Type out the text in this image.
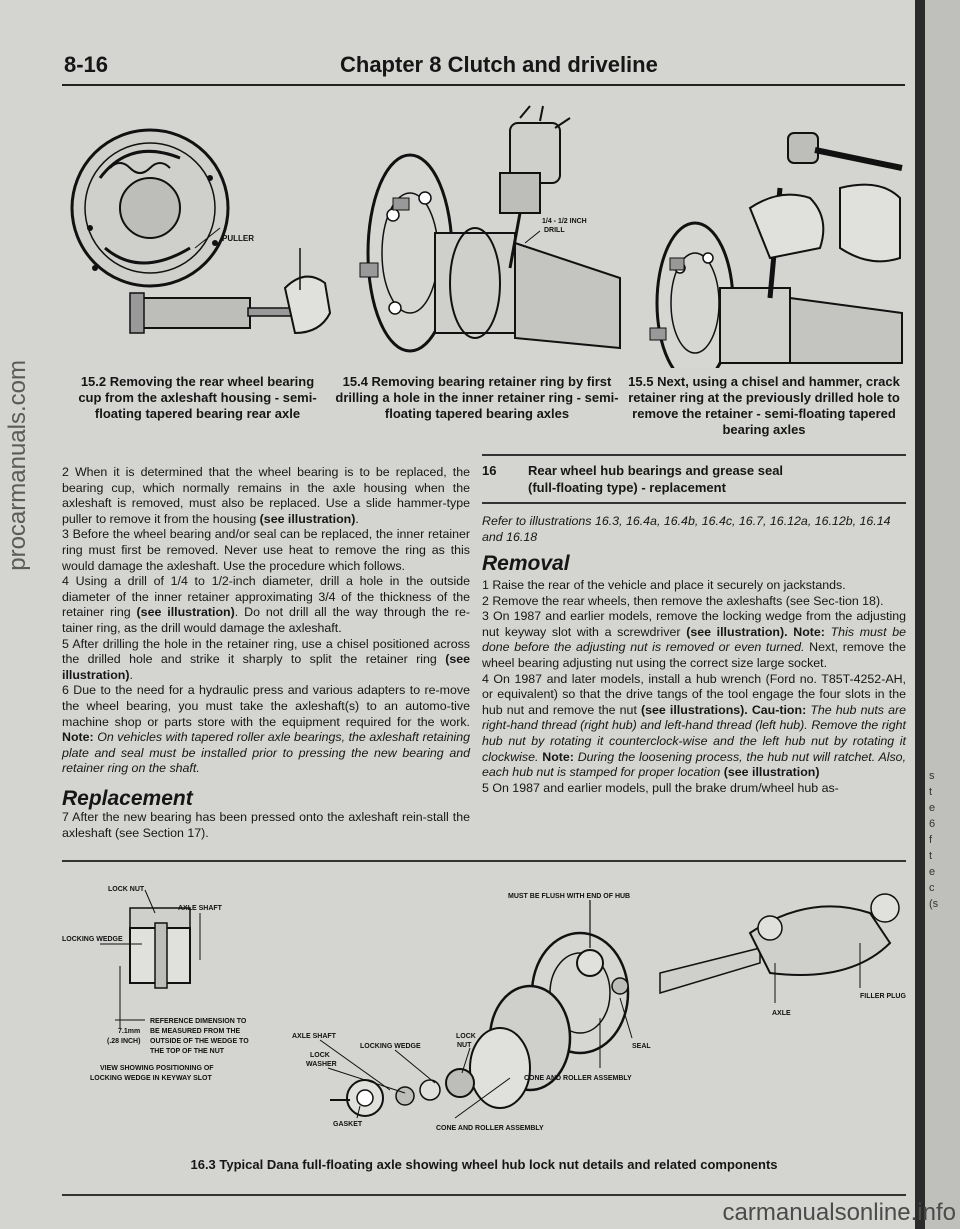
8-16	Chapter 8 Clutch and driveline
PULLER
15.2 Removing the rear wheel bearing cup from the axleshaft housing - semi-floating tapered bearing rear axle
1/4 - 1/2 INCH
DRILL
15.4 Removing bearing retainer ring by first drilling a hole in the inner retainer ring - semi-floating tapered bearing axles
15.5 Next, using a chisel and hammer, crack retainer ring at the previously drilled hole to remove the retainer - semi-floating tapered bearing axles

2 When it is determined that the wheel bearing is to be replaced, the bearing cup, which normally remains in the axle housing when the axleshaft is removed, must also be replaced. Use a slide hammer-type puller to remove it from the housing (see illustration).

3 Before the wheel bearing and/or seal can be replaced, the inner retainer ring must first be removed. Never use heat to remove the ring as this would damage the axleshaft. Use the procedure which follows.

4 Using a drill of 1/4 to 1/2-inch diameter, drill a hole in the outside diameter of the inner retainer approximating 3/4 of the thickness of the retainer ring (see illustration). Do not drill all the way through the re-tainer ring, as the drill would damage the axleshaft.

5 After drilling the hole in the retainer ring, use a chisel positioned across the drilled hole and strike it sharply to split the retainer ring (see illustration).

6 Due to the need for a hydraulic press and various adapters to re-move the wheel bearing, you must take the axleshaft(s) to an automo-tive machine shop or parts store with the equipment required for the work. Note: On vehicles with tapered roller axle bearings, the axleshaft retaining plate and seal must be installed prior to pressing the new bearing and retainer ring on the shaft.

Replacement
7 After the new bearing has been pressed onto the axleshaft rein-stall the axleshaft (see Section 17).
16 Rear wheel hub bearings and grease seal
(full-floating type) - replacement
Refer to illustrations 16.3, 16.4a, 16.4b, 16.4c, 16.7, 16.12a, 16.12b, 16.14 and 16.18
Removal

1 Raise the rear of the vehicle and place it securely on jackstands.

2 Remove the rear wheels, then remove the axleshafts (see Sec-tion 18).

3 On 1987 and earlier models, remove the locking wedge from the adjusting nut keyway slot with a screwdriver (see illustration). Note: This must be done before the adjusting nut is removed or even turned. Next, remove the wheel bearing adjusting nut using the correct size large socket.

4 On 1987 and later models, install a hub wrench (Ford no. T85T-4252-AH, or equivalent) so that the drive tangs of the tool engage the four slots in the hub nut and remove the nut (see illustrations). Cau-tion: The hub nuts are right-hand thread (right hub) and left-hand thread (left hub). Remove the right hub nut by rotating it counterclock-wise and the left hub nut by rotating it clockwise. Note: During the loosening process, the hub nut will ratchet. Also, each hub nut is stamped for proper location (see illustration)

5 On 1987 and earlier models, pull the brake drum/wheel hub as-

LOCK NUT
AXLE SHAFT
LOCKING WEDGE
REFERENCE DIMENSION TO
BE MEASURED FROM THE
OUTSIDE OF THE WEDGE TO
THE TOP OF THE NUT
7.1mm
(.28 INCH)
VIEW SHOWING POSITIONING OF
LOCKING WEDGE IN KEYWAY SLOT
MUST BE FLUSH WITH END OF HUB
AXLE SHAFT
LOCKING WEDGE
LOCK
NUT
LOCK
WASHER
SEAL
CONE AND ROLLER ASSEMBLY
CONE AND ROLLER ASSEMBLY
GASKET
AXLE
FILLER PLUG
16.3 Typical Dana full-floating axle showing wheel hub lock nut details and related components
procarmanuals.com
s
t
e
6
f
t
e
c
(s
carmanualsonline.info
